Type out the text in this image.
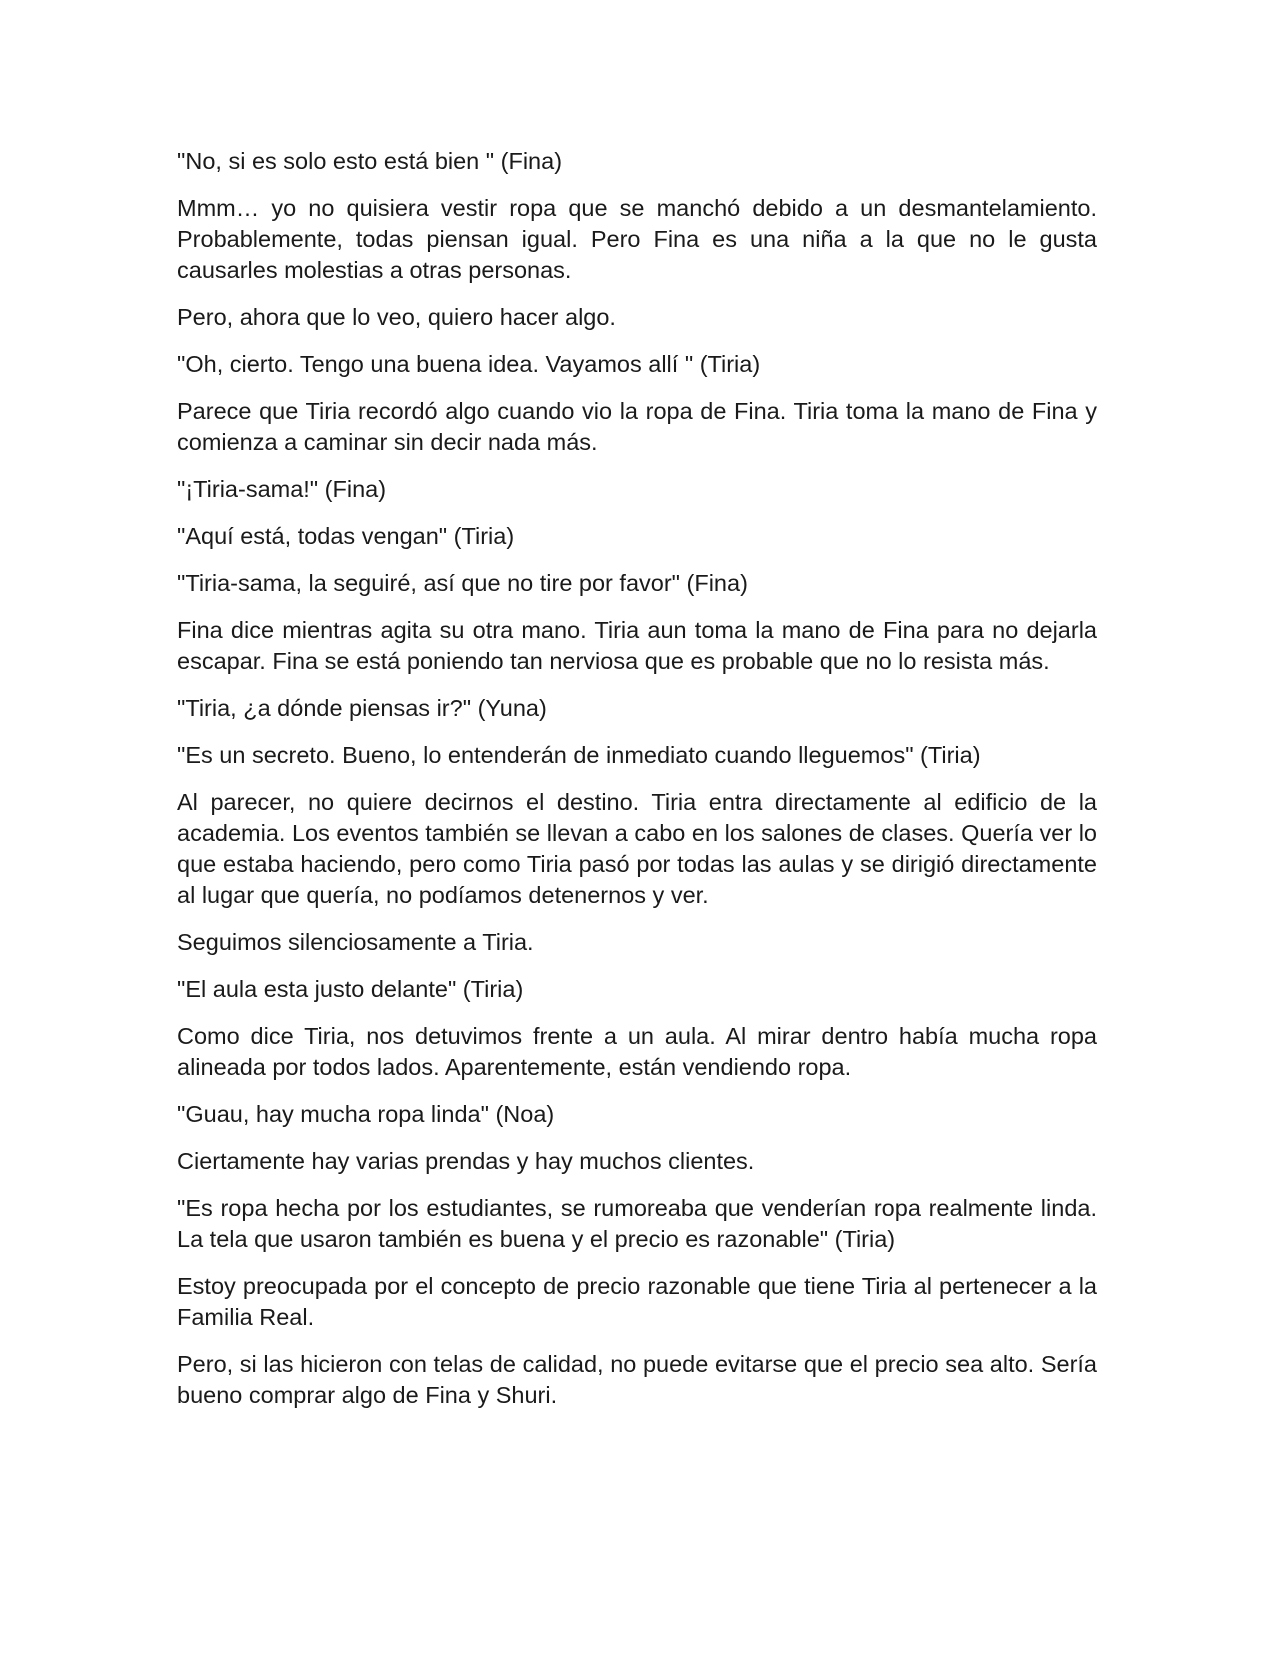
"No, si es solo esto está bien " (Fina)

Mmm… yo no quisiera vestir ropa que se manchó debido a un desmantelamiento. Probablemente, todas piensan igual. Pero Fina es una niña a la que no le gusta causarles molestias a otras personas.

Pero, ahora que lo veo, quiero hacer algo.

"Oh, cierto. Tengo una buena idea. Vayamos allí " (Tiria)

Parece que Tiria recordó algo cuando vio la ropa de Fina. Tiria toma la mano de Fina y comienza a caminar sin decir nada más.

"¡Tiria-sama!" (Fina)

"Aquí está, todas vengan" (Tiria)

"Tiria-sama, la seguiré, así que no tire por favor" (Fina)

Fina dice mientras agita su otra mano. Tiria aun toma la mano de Fina para no dejarla escapar. Fina se está poniendo tan nerviosa que es probable que no lo resista más.

"Tiria, ¿a dónde piensas ir?" (Yuna)

"Es un secreto. Bueno, lo entenderán de inmediato cuando lleguemos" (Tiria)

Al parecer, no quiere decirnos el destino. Tiria entra directamente al edificio de la academia. Los eventos también se llevan a cabo en los salones de clases. Quería ver lo que estaba haciendo, pero como Tiria pasó por todas las aulas y se dirigió directamente al lugar que quería, no podíamos detenernos y ver.

Seguimos silenciosamente a Tiria.

"El aula esta justo delante" (Tiria)

Como dice Tiria, nos detuvimos frente a un aula. Al mirar dentro había mucha ropa alineada por todos lados. Aparentemente, están vendiendo ropa.

"Guau, hay mucha ropa linda" (Noa)

Ciertamente hay varias prendas y hay muchos clientes.

"Es ropa hecha por los estudiantes, se rumoreaba que venderían ropa realmente linda. La tela que usaron también es buena y el precio es razonable" (Tiria)

Estoy preocupada por el concepto de precio razonable que tiene Tiria al pertenecer a la Familia Real.

Pero, si las hicieron con telas de calidad, no puede evitarse que el precio sea alto. Sería bueno comprar algo de Fina y Shuri.
